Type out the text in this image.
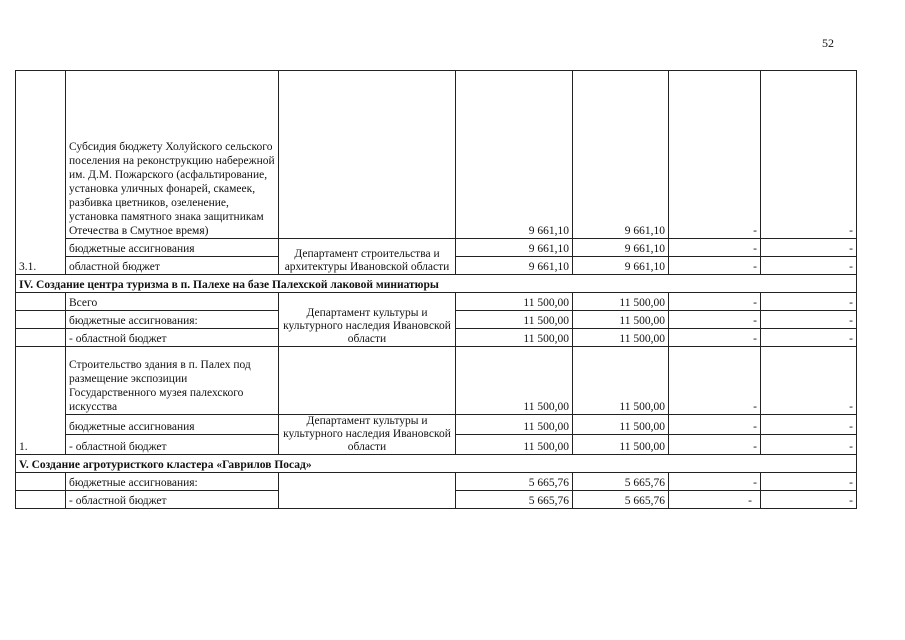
52
3.1.	Субсидия бюджету Холуйского сельского поселения на реконструкцию набережной им. Д.М. Пожарского (асфальтирование, установка уличных фонарей, скамеек, разбивка цветников, озеленение, установка памятного знака защитникам Отечества в Смутное время)		9 661,10	9 661,10	-	-
	бюджетные ассигнования	Департамент строительства и архитектуры Ивановской области	9 661,10	9 661,10	-	-
	областной бюджет		9 661,10	9 661,10	-	-
IV. Создание центра туризма в п. Палехе на базе Палехской лаковой миниатюры						
	Всего	Департамент культуры и культурного наследия Ивановской области	11 500,00	11 500,00	-	-
	бюджетные ассигнования:		11 500,00	11 500,00	-	-
	- областной бюджет		11 500,00	11 500,00	-	-
1.	Строительство здания в п. Палех под размещение экспозиции Государственного музея палехского искусства		11 500,00	11 500,00	-	-
	бюджетные ассигнования	Департамент культуры и культурного наследия Ивановской области	11 500,00	11 500,00	-	-
	- областной бюджет		11 500,00	11 500,00	-	-
V. Создание агротуристкого кластера «Гаврилов Посад»						
	бюджетные ассигнования:		5 665,76	5 665,76	-	-
	- областной бюджет		5 665,76	5 665,76	-	-
